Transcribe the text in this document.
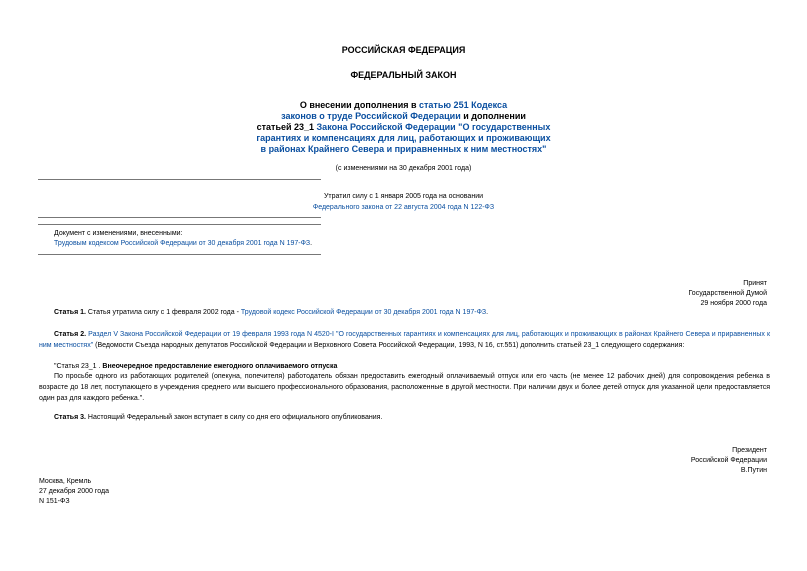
РОССИЙСКАЯ ФЕДЕРАЦИЯ
ФЕДЕРАЛЬНЫЙ ЗАКОН
О внесении дополнения в статью 251 Кодекса
законов о труде Российской Федерации и дополнении
статьей 23_1 Закона Российской Федерации "О государственных
гарантиях и компенсациях для лиц, работающих и проживающих
в районах Крайнего Севера и приравненных к ним местностях"
(с изменениями на 30 декабря 2001 года)
Утратил силу с 1 января 2005 года на основании
Федерального закона от 22 августа 2004 года N 122-ФЗ
Документ с изменениями, внесенными:
Трудовым кодексом Российской Федерации от 30 декабря 2001 года N 197-ФЗ.
Принят
Государственной Думой
29 ноября 2000 года
Статья 1. Статья утратила силу с 1 февраля 2002 года - Трудовой кодекс Российской Федерации от 30 декабря 2001 года N 197-ФЗ.
Статья 2. Раздел V Закона Российской Федерации от 19 февраля 1993 года N 4520-I "О государственных гарантиях и компенсациях для лиц, работающих и проживающих в районах Крайнего Севера и приравненных к ним местностях" (Ведомости Съезда народных депутатов Российской Федерации и Верховного Совета Российской Федерации, 1993, N 16, ст.551) дополнить статьей 23_1 следующего содержания:
"Статья 23_1 . Внеочередное предоставление ежегодного оплачиваемого отпуска
По просьбе одного из работающих родителей (опекуна, попечителя) работодатель обязан предоставить ежегодный оплачиваемый отпуск или его часть (не менее 12 рабочих дней) для сопровождения ребенка в возрасте до 18 лет, поступающего в учреждения среднего или высшего профессионального образования, расположенные в другой местности. При наличии двух и более детей отпуск для указанной цели предоставляется один раз для каждого ребенка.".
Статья 3. Настоящий Федеральный закон вступает в силу со дня его официального опубликования.
Президент
Российской Федерации
В.Путин
Москва, Кремль
27 декабря 2000 года
N 151-ФЗ
